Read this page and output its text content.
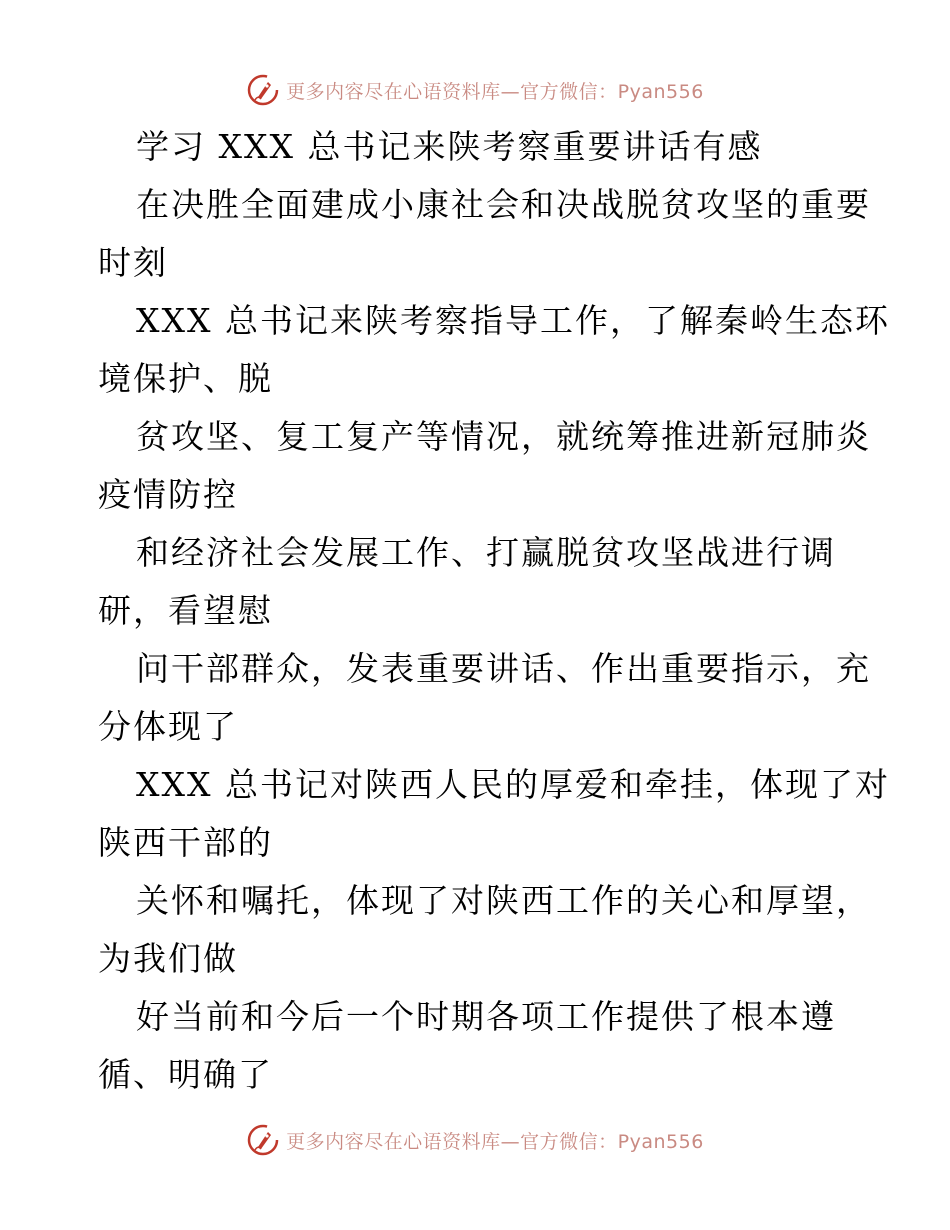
更多内容尽在心语资料库—官方微信：Pyan556
学习 XXX 总书记来陕考察重要讲话有感
在决胜全面建成小康社会和决战脱贫攻坚的重要
时刻
XXX 总书记来陕考察指导工作，了解秦岭生态环
境保护、脱
贫攻坚、复工复产等情况，就统筹推进新冠肺炎
疫情防控
和经济社会发展工作、打赢脱贫攻坚战进行调
研，看望慰
问干部群众，发表重要讲话、作出重要指示，充
分体现了
XXX 总书记对陕西人民的厚爱和牵挂，体现了对
陕西干部的
关怀和嘱托，体现了对陕西工作的关心和厚望，
为我们做
好当前和今后一个时期各项工作提供了根本遵
循、明确了
更多内容尽在心语资料库—官方微信：Pyan556
